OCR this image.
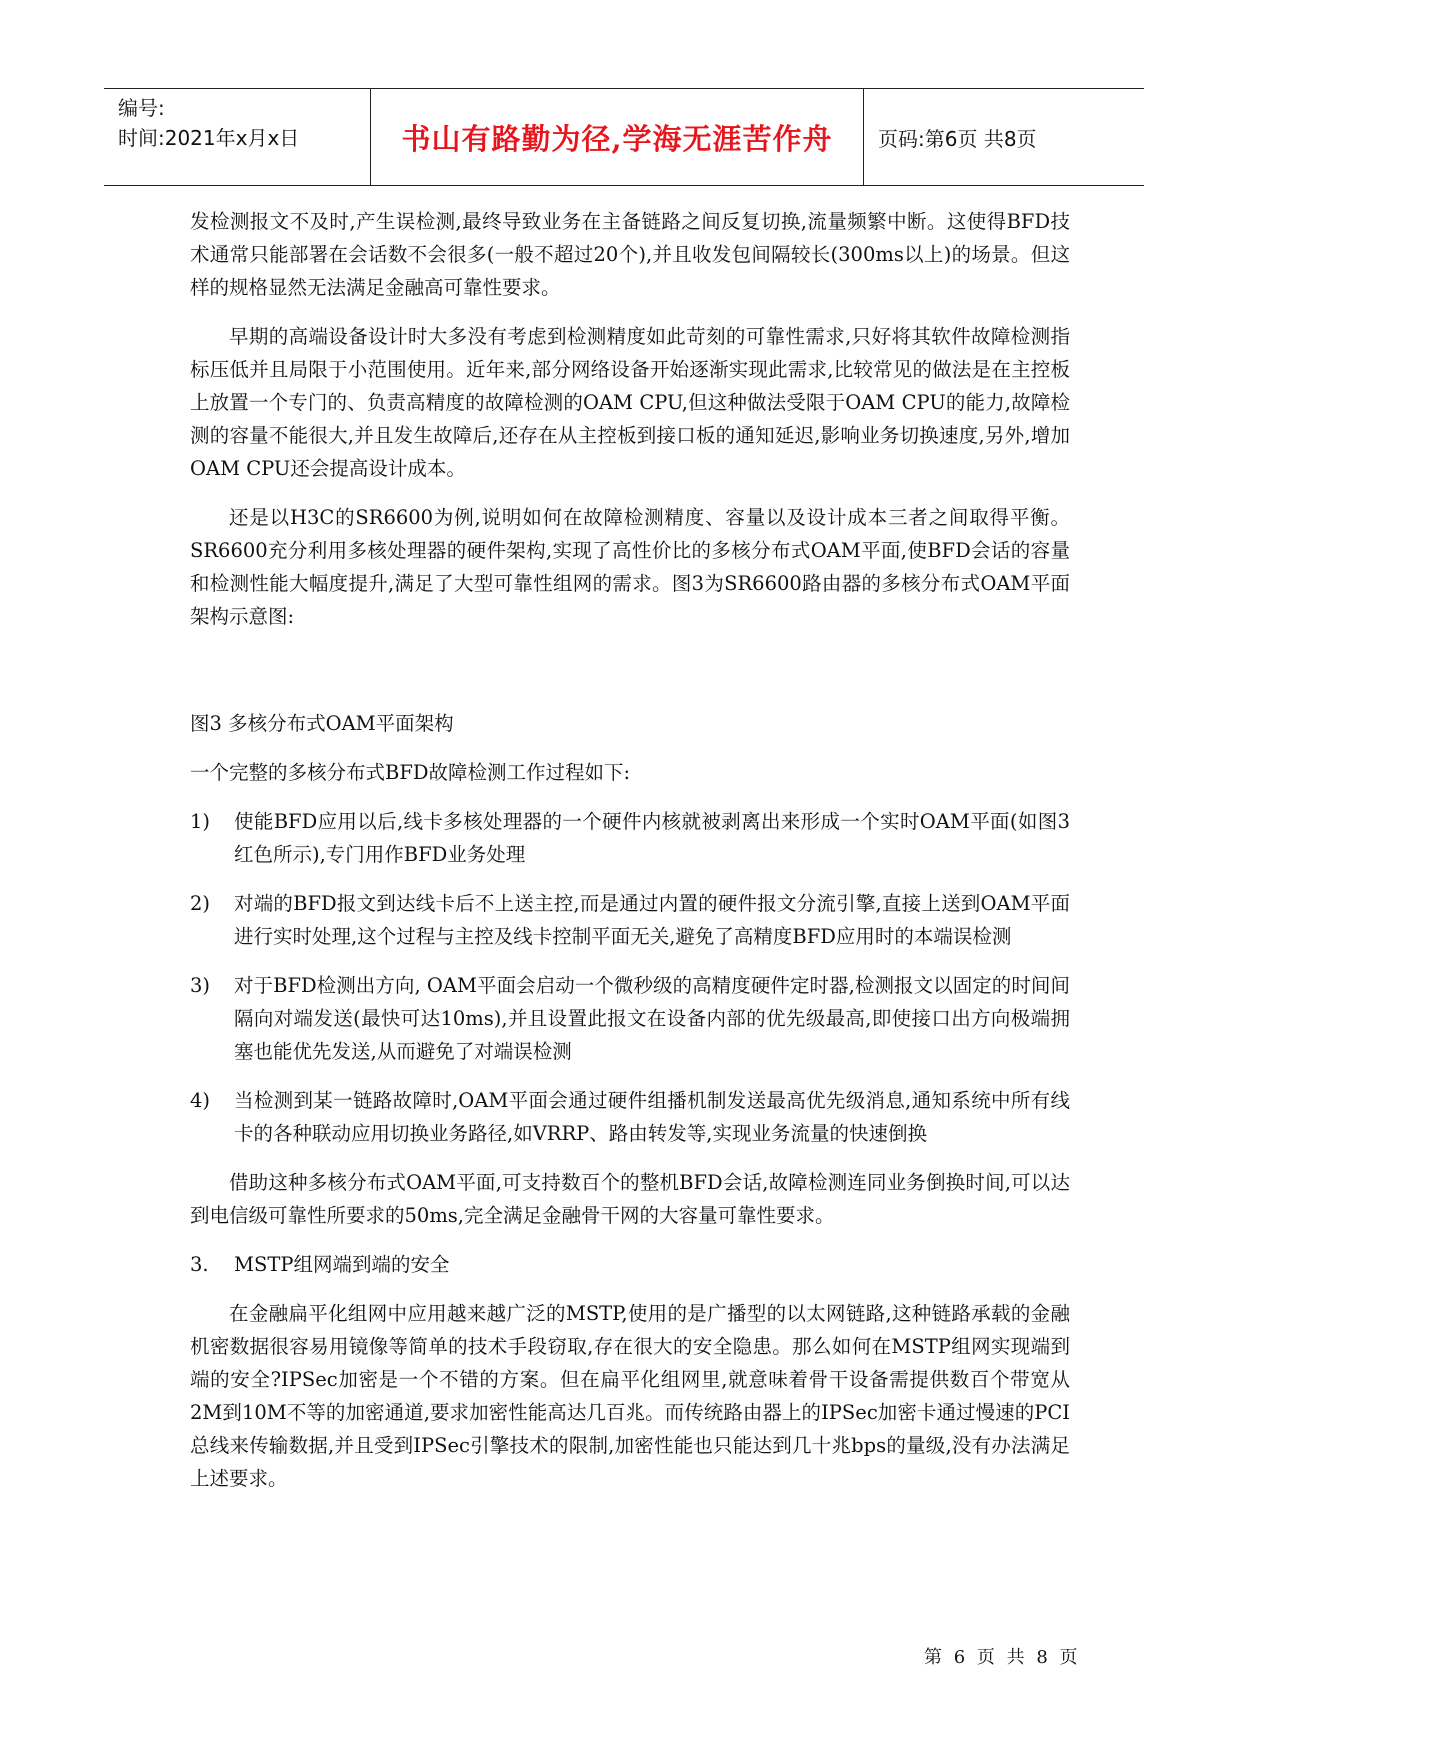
编号:
时间:2021年x月x日	书山有路勤为径,学海无涯苦作舟	页码:第6页 共8页

发检测报文不及时,产生误检测,最终导致业务在主备链路之间反复切换,流量频繁中断。这使得BFD技术通常只能部署在会话数不会很多(一般不超过20个),并且收发包间隔较长(300ms以上)的场景。但这样的规格显然无法满足金融高可靠性要求。

早期的高端设备设计时大多没有考虑到检测精度如此苛刻的可靠性需求,只好将其软件故障检测指标压低并且局限于小范围使用。近年来,部分网络设备开始逐渐实现此需求,比较常见的做法是在主控板上放置一个专门的、负责高精度的故障检测的OAM CPU,但这种做法受限于OAM CPU的能力,故障检测的容量不能很大,并且发生故障后,还存在从主控板到接口板的通知延迟,影响业务切换速度,另外,增加OAM CPU还会提高设计成本。

还是以H3C的SR6600为例,说明如何在故障检测精度、容量以及设计成本三者之间取得平衡。SR6600充分利用多核处理器的硬件架构,实现了高性价比的多核分布式OAM平面,使BFD会话的容量和检测性能大幅度提升,满足了大型可靠性组网的需求。图3为SR6600路由器的多核分布式OAM平面架构示意图:

图3 多核分布式OAM平面架构

一个完整的多核分布式BFD故障检测工作过程如下:

1) 使能BFD应用以后,线卡多核处理器的一个硬件内核就被剥离出来形成一个实时OAM平面(如图3红色所示),专门用作BFD业务处理
2) 对端的BFD报文到达线卡后不上送主控,而是通过内置的硬件报文分流引擎,直接上送到OAM平面进行实时处理,这个过程与主控及线卡控制平面无关,避免了高精度BFD应用时的本端误检测
3) 对于BFD检测出方向, OAM平面会启动一个微秒级的高精度硬件定时器,检测报文以固定的时间间隔向对端发送(最快可达10ms),并且设置此报文在设备内部的优先级最高,即使接口出方向极端拥塞也能优先发送,从而避免了对端误检测
4) 当检测到某一链路故障时,OAM平面会通过硬件组播机制发送最高优先级消息,通知系统中所有线卡的各种联动应用切换业务路径,如VRRP、路由转发等,实现业务流量的快速倒换

借助这种多核分布式OAM平面,可支持数百个的整机BFD会话,故障检测连同业务倒换时间,可以达到电信级可靠性所要求的50ms,完全满足金融骨干网的大容量可靠性要求。

3. MSTP组网端到端的安全

在金融扁平化组网中应用越来越广泛的MSTP,使用的是广播型的以太网链路,这种链路承载的金融机密数据很容易用镜像等简单的技术手段窃取,存在很大的安全隐患。那么如何在MSTP组网实现端到端的安全?IPSec加密是一个不错的方案。但在扁平化组网里,就意味着骨干设备需提供数百个带宽从2M到10M不等的加密通道,要求加密性能高达几百兆。而传统路由器上的IPSec加密卡通过慢速的PCI总线来传输数据,并且受到IPSec引擎技术的限制,加密性能也只能达到几十兆bps的量级,没有办法满足上述要求。

第 6 页 共 8 页
